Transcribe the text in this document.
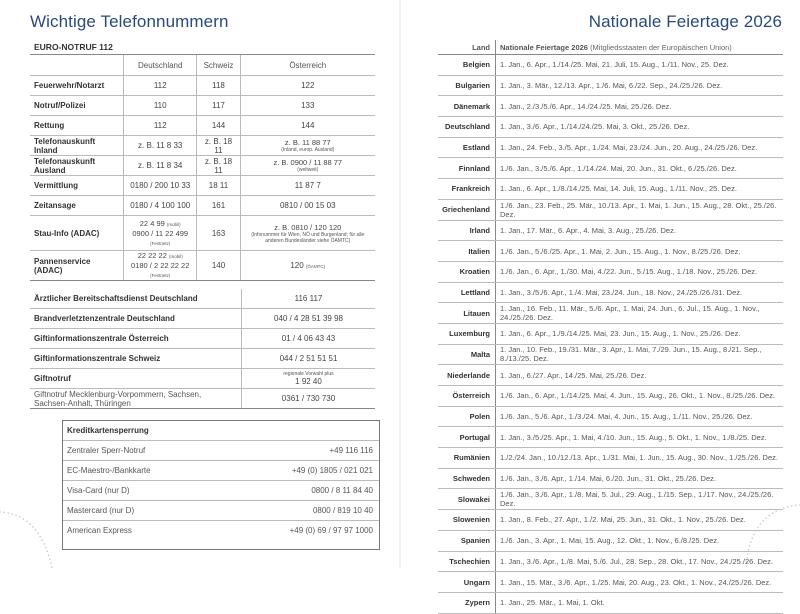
Wichtige Telefonnummern
EURO-NOTRUF 112			
	Deutschland	Schweiz	Österreich
Feuerwehr/Notarzt	112	118	122
Notruf/Polizei	110	117	133
Rettung	112	144	144
Telefonauskunft Inland	z. B. 11 8 33	z. B. 18 11	z. B. 11 88 77
(Inland, europ. Ausland)

Telefonauskunft Ausland	z. B. 11 8 34	z. B. 18 11	z. B. 0900 / 11 88 77
(weltweit)

Vermittlung	0180 / 200 10 33	18 11	11 87 7
Zeitansage	0180 / 4 100 100	161	0810 / 00 15 03
Stau-Info (ADAC)	22 4 99 (mobil)
0900 / 11 22 499 (Festnetz)	163	z. B. 0810 / 120 120
(Infonummer für Wien, NÖ und Burgenland; für alle anderen Bundesländer siehe ÖAMTC)

Pannenservice (ADAC)	22 22 22 (mobil)
0180 / 2 22 22 22 (Festnetz)	140	120 (ÖAMTC)
Ärztlicher Bereitschaftsdienst Deutschland	116 117
Brandverletztenzentrale Deutschland	040 / 4 28 51 39 98
Giftinformationszentrale Österreich	01 / 4 06 43 43
Giftinformationszentrale Schweiz	044 / 2 51 51 51
Giftnotruf	regionale Vorwahl plus
1 92 40
Giftnotruf Mecklenburg-Vorpommern, Sachsen, Sachsen-Anhalt, Thüringen	0361 / 730 730
Kreditkartensperrung	
Zentraler Sperr-Notruf	+49 116 116
EC-Maestro-/Bankkarte	+49 (0) 1805 / 021 021
Visa-Card (nur D)	0800 / 8 11 84 40
Mastercard (nur D)	0800 / 819 10 40
American Express	+49 (0) 69 / 97 97 1000
Nationale Feiertage 2026
Land	Nationale Feiertage 2026 (Mitgliedsstaaten der Europäischen Union)
Belgien	1. Jan., 6. Apr., 1./14./25. Mai, 21. Juli, 15. Aug., 1./11. Nov., 25. Dez.
Bulgarien	1. Jan., 3. Mär., 12./13. Apr., 1./6. Mai, 6./22. Sep., 24./25./26. Dez.
Dänemark	1. Jan., 2./3./5./6. Apr., 14./24./25. Mai, 25./26. Dez.
Deutschland	1. Jan., 3./6. Apr., 1./14./24./25. Mai, 3. Okt., 25./26. Dez.
Estland	1. Jan., 24. Feb., 3./5. Apr., 1./24. Mai, 23./24. Jun., 20. Aug., 24./25./26. Dez.
Finnland	1./6. Jan., 3./5./6. Apr., 1./14./24. Mai, 20. Jun., 31. Okt., 6./25./26. Dez.
Frankreich	1. Jan., 6. Apr., 1./8./14./25. Mai, 14. Juli, 15. Aug., 1./11. Nov., 25. Dez.
Griechenland	1./6. Jan., 23. Feb., 25. Mär., 10./13. Apr., 1. Mai, 1. Jun., 15. Aug., 28. Okt., 25./26. Dez.
Irland	1. Jan., 17. Mär., 6. Apr., 4. Mai, 3. Aug., 25./26. Dez.
Italien	1./6. Jan., 5./6./25. Apr., 1. Mai, 2. Jun., 15. Aug., 1. Nov., 8./25./26. Dez.
Kroatien	1./6. Jan., 6. Apr., 1./30. Mai, 4./22. Jun., 5./15. Aug., 1./18. Nov., 25./26. Dez.
Lettland	1. Jan., 3./5./6. Apr., 1./4. Mai, 23./24. Jun., 18. Nov., 24./25./26./31. Dez.
Litauen	1. Jan., 16. Feb., 11. Mär., 5./6. Apr., 1. Mai, 24. Jun., 6. Jul., 15. Aug., 1. Nov., 24./25./26. Dez.
Luxemburg	1. Jan., 6. Apr., 1./9./14./25. Mai, 23. Jun., 15. Aug., 1. Nov., 25./26. Dez.
Malta	1. Jan., 10. Feb., 19./31. Mär., 3. Apr., 1. Mai, 7./29. Jun., 15. Aug., 8./21. Sep., 8./13./25. Dez.
Niederlande	1. Jan., 6./27. Apr., 14./25. Mai, 25./26. Dez.
Österreich	1./6. Jan., 6. Apr., 1./14./25. Mai, 4. Jun., 15. Aug., 26. Okt., 1. Nov., 8./25./26. Dez.
Polen	1./6. Jan., 5./6. Apr., 1./3./24. Mai, 4. Jun., 15. Aug., 1./11. Nov., 25./26. Dez.
Portugal	1. Jan., 3./5./25. Apr., 1. Mai, 4./10. Jun., 15. Aug., 5. Okt., 1. Nov., 1./8./25. Dez.
Rumänien	1./2./24. Jan., 10./12./13. Apr., 1./31. Mai, 1. Jun., 15. Aug., 30. Nov., 1./25./26. Dez.
Schweden	1./6. Jan., 3./6. Apr., 1./14. Mai, 6./20. Jun., 31. Okt., 25./26. Dez.
Slowakei	1./6. Jan., 3./6. Apr., 1./8. Mai, 5. Jul., 29. Aug., 1./15. Sep., 1./17. Nov., 24./25./26. Dez.
Slowenien	1. Jan., 8. Feb., 27. Apr., 1./2. Mai, 25. Jun., 31. Okt., 1. Nov., 25./26. Dez.
Spanien	1./6. Jan., 3. Apr., 1. Mai, 15. Aug., 12. Okt., 1. Nov., 6./8./25. Dez.
Tschechien	1. Jan., 3./6. Apr., 1./8. Mai, 5./6. Jul., 28. Sep., 28. Okt., 17. Nov., 24./25./26. Dez.
Ungarn	1. Jan., 15. Mär., 3./6. Apr., 1./25. Mai, 20. Aug., 23. Okt., 1. Nov., 24./25./26. Dez.
Zypern	1. Jan., 25. Mär., 1. Mai, 1. Okt.
